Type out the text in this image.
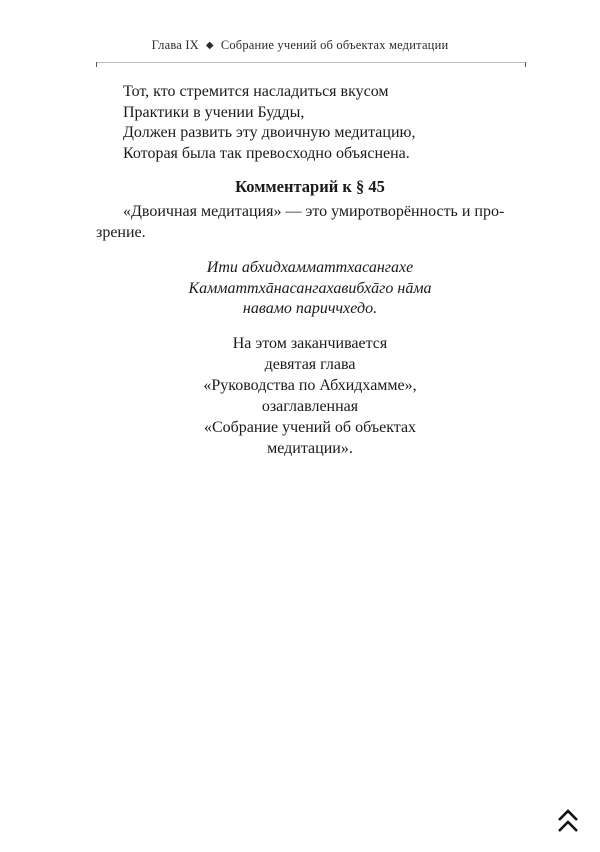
Глава IX ◆ Собрание учений об объектах медитации
Тот, кто стремится насладиться вкусом
Практики в учении Будды,
Должен развить эту двоичную медитацию,
Которая была так превосходно объяснена.
Комментарий к § 45
«Двоичная медитация» — это умиротворённость и про-
зрение.
Ити абхидхамматтхасангахе
Камматтхāнасангахавибхāго нāма
навамо париччхедо.
На этом заканчивается
девятая глава
«Руководства по Абхидхамме»,
озаглавленная
«Собрание учений об объектах
медитации».
